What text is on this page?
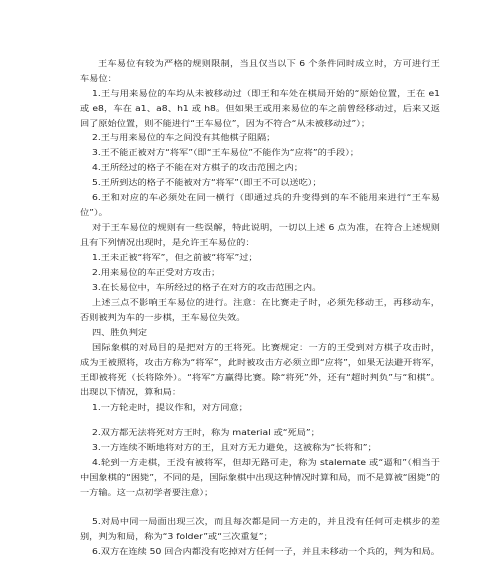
王车易位有较为严格的规则限制，当且仅当以下 6 个条件同时成立时，方可进行王车易位：

1.王与用来易位的车均从未被移动过（即王和车处在棋局开始的“原始位置，王在 e1 或 e8，车在 a1、a8、h1 或 h8。但如果王或用来易位的车之前曾经移动过，后来又返回了原始位置，则不能进行“王车易位”，因为不符合“从未被移动过”）；

2.王与用来易位的车之间没有其他棋子阻隔；

3.王不能正被对方“将军”（即“王车易位”不能作为“应将”的手段）；

4.王所经过的格子不能在对方棋子的攻击范围之内；

5.王所到达的格子不能被对方“将军”（即王不可以送吃）；

6.王和对应的车必须处在同一横行（即通过兵的升变得到的车不能用来进行“王车易位”）。

对于王车易位的规则有一些误解，特此说明，一切以上述 6 点为准，在符合上述规则且有下列情况出现时，是允许王车易位的：

1.王未正被“将军”，但之前被“将军”过；

2.用来易位的车正受对方攻击；

3.在长易位中，车所经过的格子在对方的攻击范围之内。

上述三点不影响王车易位的进行。注意：在比赛走子时，必须先移动王，再移动车，否则被判为车的一步棋，王车易位失效。

四、胜负判定

国际象棋的对局目的是把对方的王将死。比赛规定：一方的王受到对方棋子攻击时，成为王被照将，攻击方称为“将军”，此时被攻击方必须立即“应将”，如果无法避开将军，王即被将死（长将除外）。“将军”方赢得比赛。除“将死”外，还有“超时判负”与“和棋”。出现以下情况，算和局：

1.一方轮走时，提议作和，对方同意；

2.双方都无法将死对方王时，称为 material 或“死局”；

3.一方连续不断地将对方的王，且对方无力避免，这被称为“长将和”；

4.轮到一方走棋，王没有被将军，但却无路可走，称为 stalemate 或“逼和”（相当于中国象棋的“困毙”，不同的是，国际象棋中出现这种情况时算和局，而不是算被“困毙”的一方输。这一点初学者要注意）；

5.对局中同一局面出现三次，而且每次都是同一方走的，并且没有任何可走棋步的差别，判为和局，称为“3 folder”或“三次重复”；

6.双方在连续 50 回合内都没有吃掉对方任何一子，并且未移动一个兵的，判为和局。
